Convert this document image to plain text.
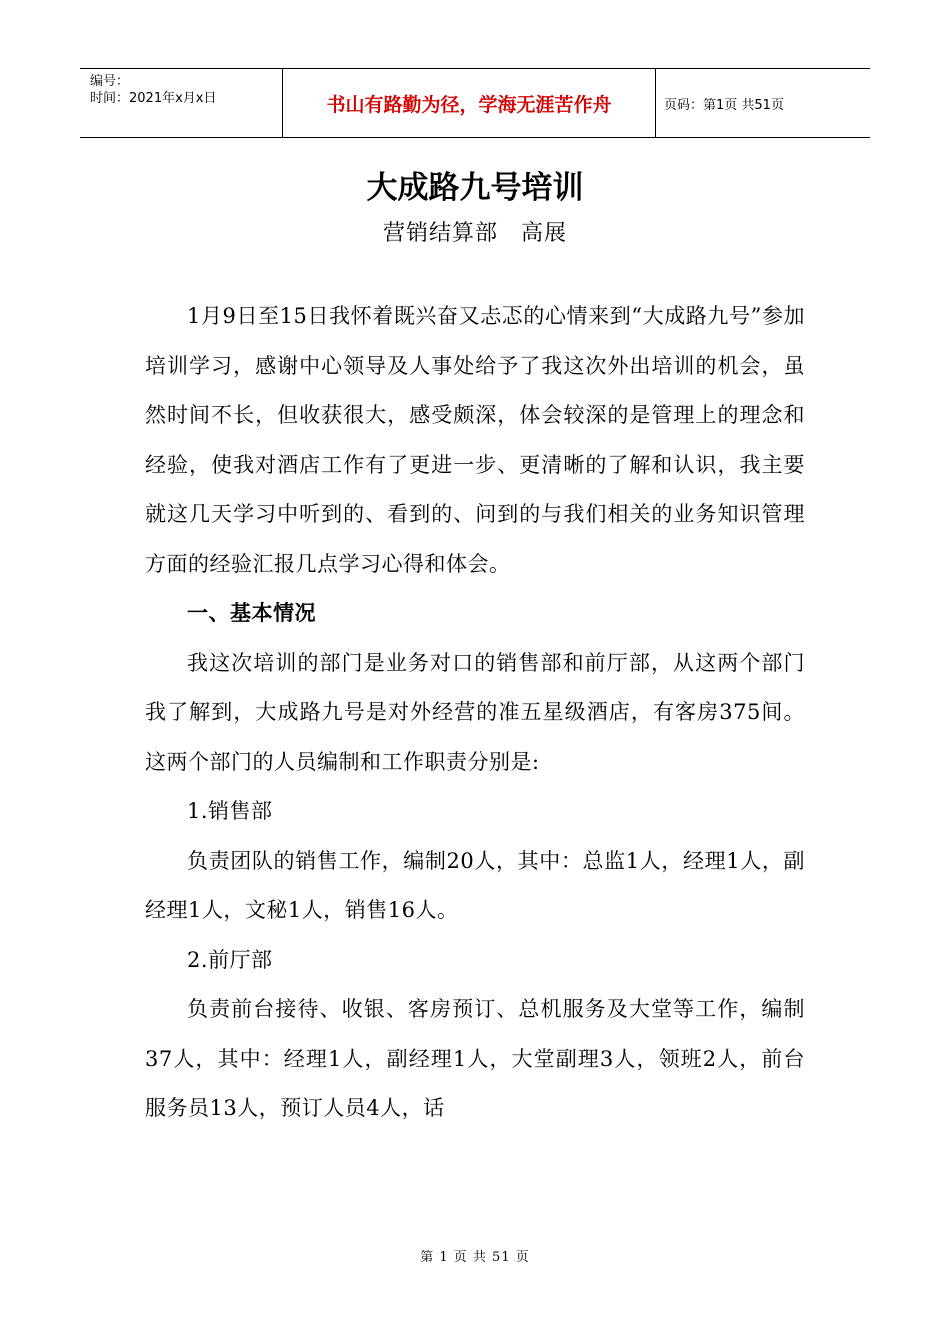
编号：
时间：2021年x月x日	书山有路勤为径，学海无涯苦作舟	页码：第1页 共51页
大成路九号培训
营销结算部　高展

1月9日至15日我怀着既兴奋又忐忑的心情来到“大成路九号”参加培训学习，感谢中心领导及人事处给予了我这次外出培训的机会，虽然时间不长，但收获很大，感受颇深，体会较深的是管理上的理念和经验，使我对酒店工作有了更进一步、更清晰的了解和认识，我主要就这几天学习中听到的、看到的、问到的与我们相关的业务知识管理方面的经验汇报几点学习心得和体会。

一、基本情况

我这次培训的部门是业务对口的销售部和前厅部，从这两个部门我了解到，大成路九号是对外经营的准五星级酒店，有客房375间。这两个部门的人员编制和工作职责分别是:

1.销售部

负责团队的销售工作，编制20人，其中：总监1人，经理1人，副经理1人，文秘1人，销售16人。

2.前厅部

负责前台接待、收银、客房预订、总机服务及大堂等工作，编制37人，其中：经理1人，副经理1人，大堂副理3人，领班2人，前台服务员13人，预订人员4人，话

第 1 页 共 51 页
